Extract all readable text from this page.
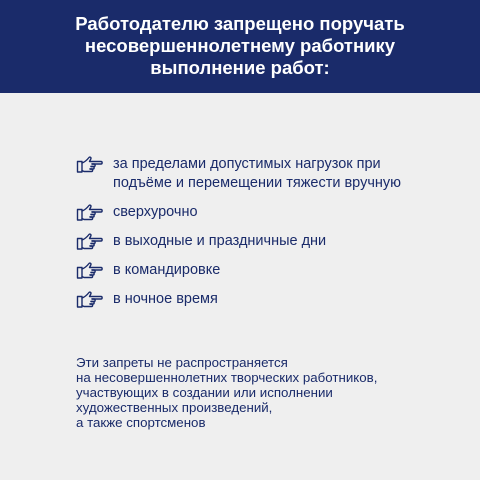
Работодателю запрещено поручать
несовершеннолетнему работнику
выполнение работ:
за пределами допустимых нагрузок при подъёме и перемещении тяжести вручную
сверхурочно
в выходные и праздничные дни
в командировке
в ночное время
Эти запреты не распространяется
на несовершеннолетних творческих работников,
участвующих в создании или исполнении
художественных произведений,
а также спортсменов
